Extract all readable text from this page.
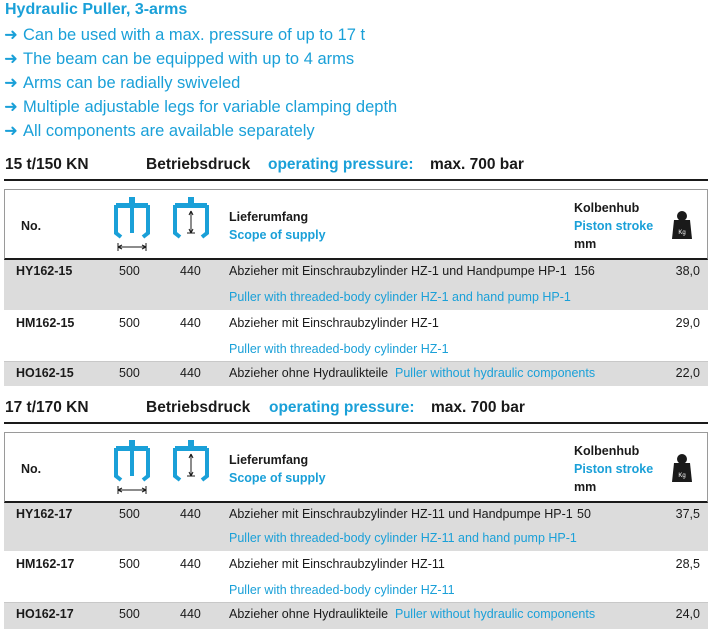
Hydraulic Puller, 3-arms
➜ Can be used with a max. pressure of up to 17 t
➜ The beam can be equipped with up to 4 arms
➜ Arms can be radially swiveled
➜ Multiple adjustable legs for variable clamping depth
➜ All components are available separately
15 t/150 KN	Betriebsdruck operating pressure: max. 700 bar
No.
Lieferumfang
Scope of supply
Kolbenhub
Piston stroke
mm
Kg
HY162-15	500	440 Abzieher mit Einschraubzylinder HZ-1 und Handpumpe HP-1
Puller with threaded-body cylinder HZ-1 and hand pump HP-1
156	38,0
HM162-15	500	440 Abzieher mit Einschraubzylinder HZ-1
Puller with threaded-body cylinder HZ-1
29,0
HO162-15	500	440 Abzieher ohne Hydraulikteile Puller without hydraulic components	22,0
17 t/170 KN	Betriebsdruck operating pressure: max. 700 bar
No.
Lieferumfang
Scope of supply
Kolbenhub
Piston stroke
mm
Kg
HY162-17	500	440 Abzieher mit Einschraubzylinder HZ-11 und Handpumpe HP-1
Puller with threaded-body cylinder HZ-11 and hand pump HP-1
50	37,5
HM162-17	500	440 Abzieher mit Einschraubzylinder HZ-11
Puller with threaded-body cylinder HZ-11
28,5
HO162-17	500	440 Abzieher ohne Hydraulikteile Puller without hydraulic components	24,0
